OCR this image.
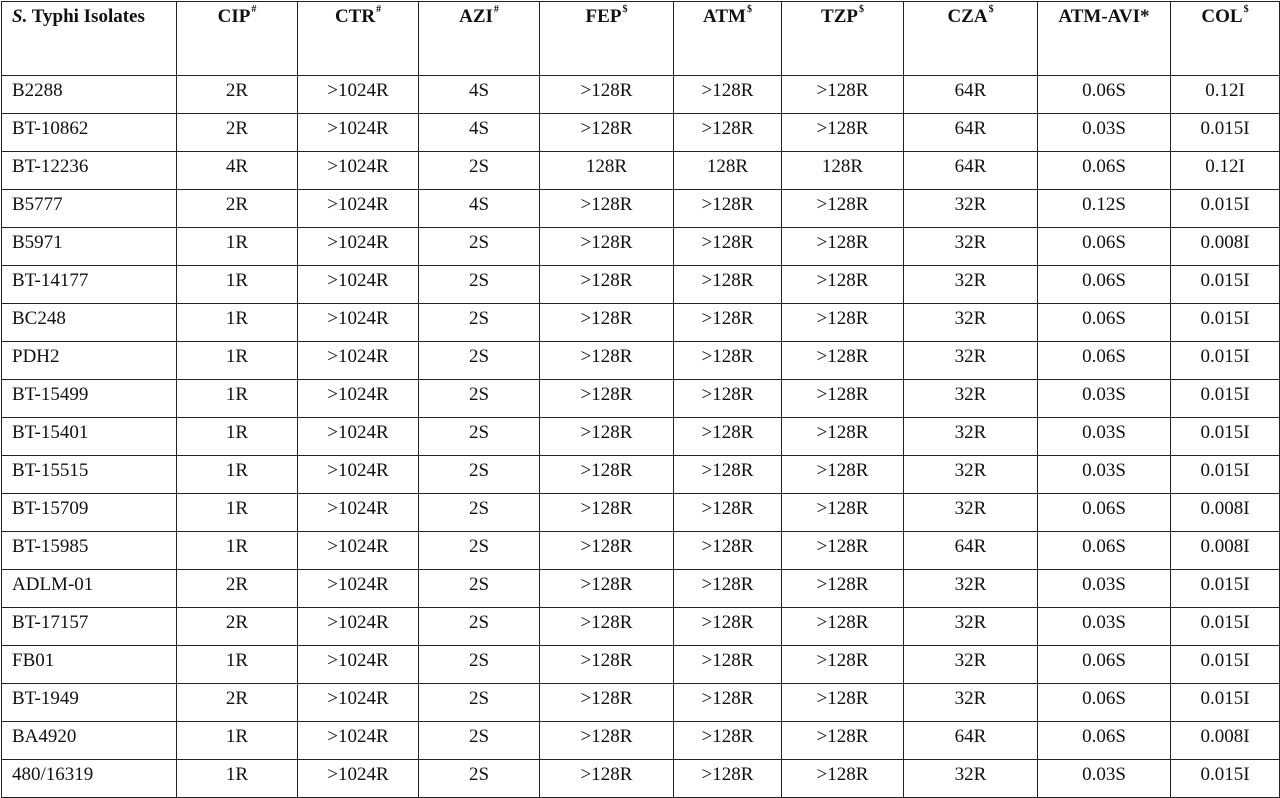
S. Typhi Isolates	CIP#	CTR#	AZI#	FEP$	ATM$	TZP$	CZA$	ATM-AVI*	COL$
B2288	2R	>1024R	4S	>128R	>128R	>128R	64R	0.06S	0.12I
BT-10862	2R	>1024R	4S	>128R	>128R	>128R	64R	0.03S	0.015I
BT-12236	4R	>1024R	2S	128R	128R	128R	64R	0.06S	0.12I
B5777	2R	>1024R	4S	>128R	>128R	>128R	32R	0.12S	0.015I
B5971	1R	>1024R	2S	>128R	>128R	>128R	32R	0.06S	0.008I
BT-14177	1R	>1024R	2S	>128R	>128R	>128R	32R	0.06S	0.015I
BC248	1R	>1024R	2S	>128R	>128R	>128R	32R	0.06S	0.015I
PDH2	1R	>1024R	2S	>128R	>128R	>128R	32R	0.06S	0.015I
BT-15499	1R	>1024R	2S	>128R	>128R	>128R	32R	0.03S	0.015I
BT-15401	1R	>1024R	2S	>128R	>128R	>128R	32R	0.03S	0.015I
BT-15515	1R	>1024R	2S	>128R	>128R	>128R	32R	0.03S	0.015I
BT-15709	1R	>1024R	2S	>128R	>128R	>128R	32R	0.06S	0.008I
BT-15985	1R	>1024R	2S	>128R	>128R	>128R	64R	0.06S	0.008I
ADLM-01	2R	>1024R	2S	>128R	>128R	>128R	32R	0.03S	0.015I
BT-17157	2R	>1024R	2S	>128R	>128R	>128R	32R	0.03S	0.015I
FB01	1R	>1024R	2S	>128R	>128R	>128R	32R	0.06S	0.015I
BT-1949	2R	>1024R	2S	>128R	>128R	>128R	32R	0.06S	0.015I
BA4920	1R	>1024R	2S	>128R	>128R	>128R	64R	0.06S	0.008I
480/16319	1R	>1024R	2S	>128R	>128R	>128R	32R	0.03S	0.015I
